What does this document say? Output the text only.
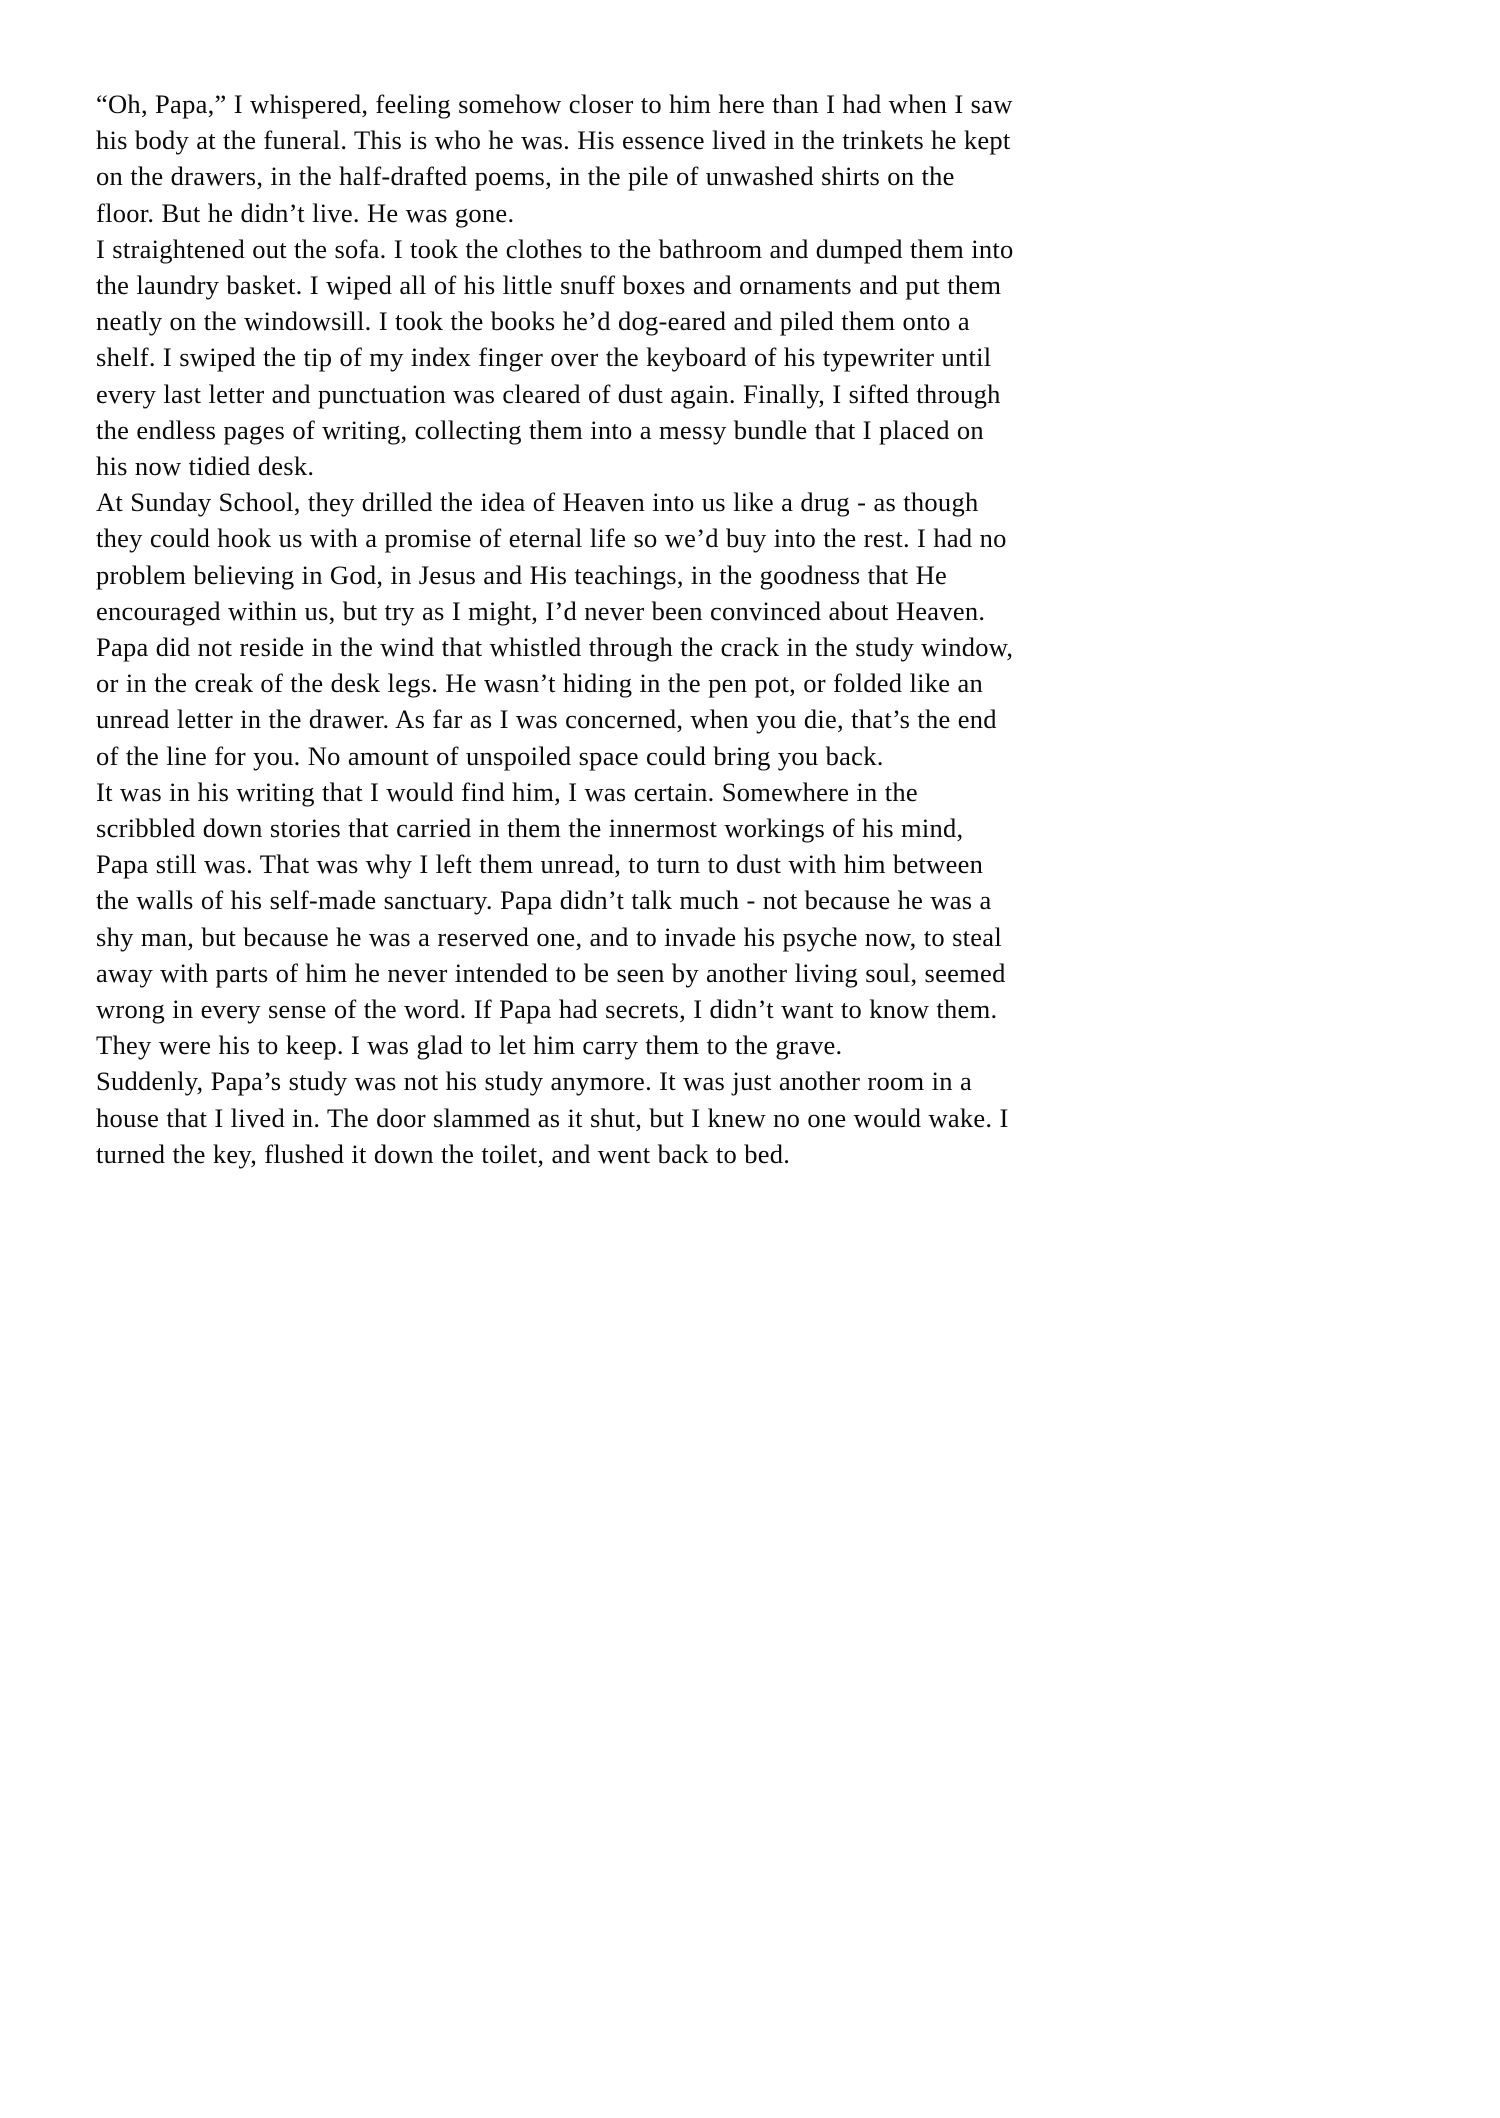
“Oh, Papa,” I whispered, feeling somehow closer to him here than I had when I saw his body at the funeral. This is who he was. His essence lived in the trinkets he kept on the drawers, in the half-drafted poems, in the pile of unwashed shirts on the floor. But he didn’t live. He was gone.

I straightened out the sofa. I took the clothes to the bathroom and dumped them into the laundry basket. I wiped all of his little snuff boxes and ornaments and put them neatly on the windowsill. I took the books he’d dog-eared and piled them onto a shelf. I swiped the tip of my index finger over the keyboard of his typewriter until every last letter and punctuation was cleared of dust again. Finally, I sifted through the endless pages of writing, collecting them into a messy bundle that I placed on his now tidied desk.

At Sunday School, they drilled the idea of Heaven into us like a drug - as though they could hook us with a promise of eternal life so we’d buy into the rest. I had no problem believing in God, in Jesus and His teachings, in the goodness that He encouraged within us, but try as I might, I’d never been convinced about Heaven. Papa did not reside in the wind that whistled through the crack in the study window, or in the creak of the desk legs. He wasn’t hiding in the pen pot, or folded like an unread letter in the drawer. As far as I was concerned, when you die, that’s the end of the line for you. No amount of unspoiled space could bring you back.

It was in his writing that I would find him, I was certain. Somewhere in the scribbled down stories that carried in them the innermost workings of his mind, Papa still was. That was why I left them unread, to turn to dust with him between the walls of his self-made sanctuary. Papa didn’t talk much - not because he was a shy man, but because he was a reserved one, and to invade his psyche now, to steal away with parts of him he never intended to be seen by another living soul, seemed wrong in every sense of the word. If Papa had secrets, I didn’t want to know them. They were his to keep. I was glad to let him carry them to the grave.

Suddenly, Papa’s study was not his study anymore. It was just another room in a house that I lived in. The door slammed as it shut, but I knew no one would wake. I turned the key, flushed it down the toilet, and went back to bed.
